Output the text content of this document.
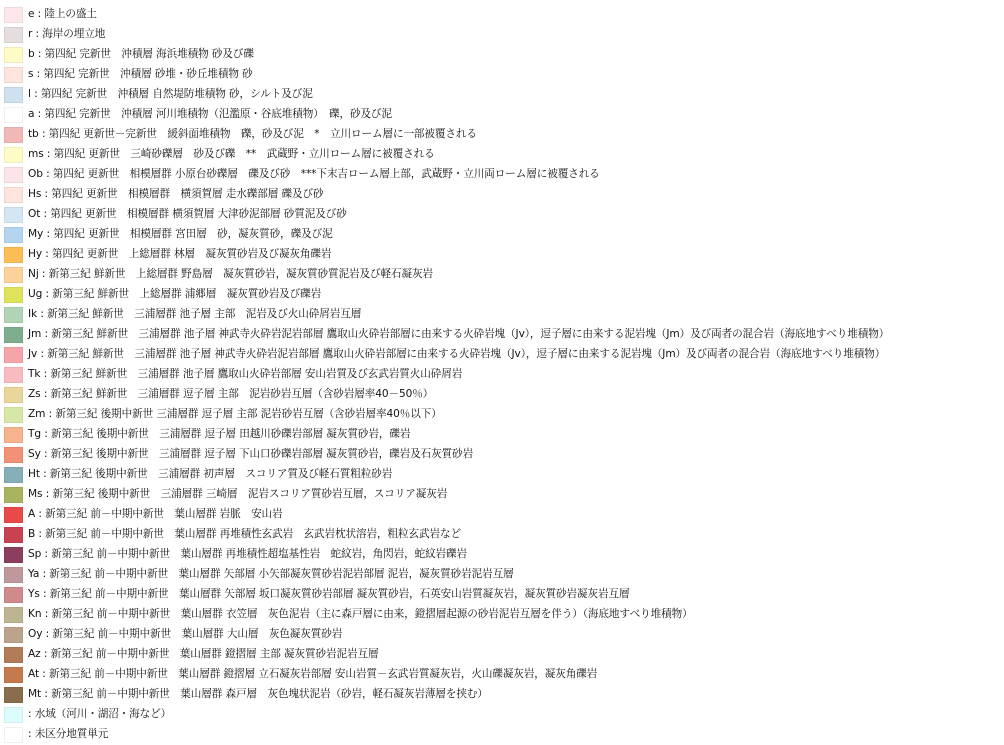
e : 陸上の盛土
r : 海岸の埋立地
b : 第四紀 完新世　沖積層 海浜堆積物 砂及び礫
s : 第四紀 完新世　沖積層 砂堆・砂丘堆積物 砂
l : 第四紀 完新世　沖積層 自然堤防堆積物 砂，シルト及び泥
a : 第四紀 完新世　沖積層 河川堆積物（氾濫原・谷底堆積物）　礫，砂及び泥
tb : 第四紀 更新世－完新世　緩斜面堆積物　礫，砂及び泥　*　立川ローム層に一部被覆される
ms : 第四紀 更新世　三崎砂礫層　砂及び礫　**　武蔵野・立川ローム層に被覆される
Ob : 第四紀 更新世　相模層群 小原台砂礫層　礫及び砂　***下末吉ローム層上部，武蔵野・立川両ローム層に被覆される
Hs : 第四紀 更新世　相模層群　横須賀層 走水礫部層 礫及び砂
Ot : 第四紀 更新世　相模層群 横須賀層 大津砂泥部層 砂質泥及び砂
My : 第四紀 更新世　相模層群 宮田層　砂，凝灰質砂，礫及び泥
Hy : 第四紀 更新世　上総層群 林層　凝灰質砂岩及び凝灰角礫岩
Nj : 新第三紀 鮮新世　上総層群 野島層　凝灰質砂岩，凝灰質砂質泥岩及び軽石凝灰岩
Ug : 新第三紀 鮮新世　上総層群 浦郷層　凝灰質砂岩及び礫岩
Ik : 新第三紀 鮮新世　三浦層群 池子層 主部　泥岩及び火山砕屑岩互層
Jm : 新第三紀 鮮新世　三浦層群 池子層 神武寺火砕岩泥岩部層 鷹取山火砕岩部層に由来する火砕岩塊（Jv），逗子層に由来する泥岩塊（Jm）及び両者の混合岩（海底地すべり堆積物）
Jv : 新第三紀 鮮新世　三浦層群 池子層 神武寺火砕岩泥岩部層 鷹取山火砕岩部層に由来する火砕岩塊（Jv），逗子層に由来する泥岩塊（Jm）及び両者の混合岩（海底地すべり堆積物）
Tk : 新第三紀 鮮新世　三浦層群 池子層 鷹取山火砕岩部層 安山岩質及び玄武岩質火山砕屑岩
Zs : 新第三紀 鮮新世　三浦層群 逗子層 主部　泥岩砂岩互層（含砂岩層率40－50％）
Zm : 新第三紀 後期中新世 三浦層群 逗子層 主部 泥岩砂岩互層（含砂岩層率40％以下）
Tg : 新第三紀 後期中新世　三浦層群 逗子層 田越川砂礫岩部層 凝灰質砂岩，礫岩
Sy : 新第三紀 後期中新世　三浦層群 逗子層 下山口砂礫岩部層 凝灰質砂岩，礫岩及石灰質砂岩
Ht : 新第三紀 後期中新世　三浦層群 初声層　スコリア質及び軽石質粗粒砂岩
Ms : 新第三紀 後期中新世　三浦層群 三崎層　泥岩スコリア質砂岩互層，スコリア凝灰岩
A : 新第三紀 前－中期中新世　葉山層群 岩脈　安山岩
B : 新第三紀 前－中期中新世　葉山層群 再堆積性玄武岩　玄武岩枕状溶岩，粗粒玄武岩など
Sp : 新第三紀 前－中期中新世　葉山層群 再堆積性超塩基性岩　蛇紋岩，角閃岩，蛇紋岩礫岩
Ya : 新第三紀 前－中期中新世　葉山層群 矢部層 小矢部凝灰質砂岩泥岩部層 泥岩，凝灰質砂岩泥岩互層
Ys : 新第三紀 前－中期中新世　葉山層群 矢部層 坂口凝灰質砂岩部層 凝灰質砂岩，石英安山岩質凝灰岩，凝灰質砂岩凝灰岩互層
Kn : 新第三紀 前－中期中新世　葉山層群 衣笠層　灰色泥岩（主に森戸層に由来，鐙摺層起源の砂岩泥岩互層を伴う）（海底地すべり堆積物）
Oy : 新第三紀 前－中期中新世　葉山層群 大山層　灰色凝灰質砂岩
Az : 新第三紀 前－中期中新世　葉山層群 鐙摺層 主部 凝灰質砂岩泥岩互層
At : 新第三紀 前－中期中新世　葉山層群 鐙摺層 立石凝灰岩部層 安山岩質－玄武岩質凝灰岩，火山礫凝灰岩，凝灰角礫岩
Mt : 新第三紀 前－中期中新世　葉山層群 森戸層　灰色塊状泥岩（砂岩，軽石凝灰岩薄層を挟む）
: 水域（河川・湖沼・海など）
: 未区分地質単元
